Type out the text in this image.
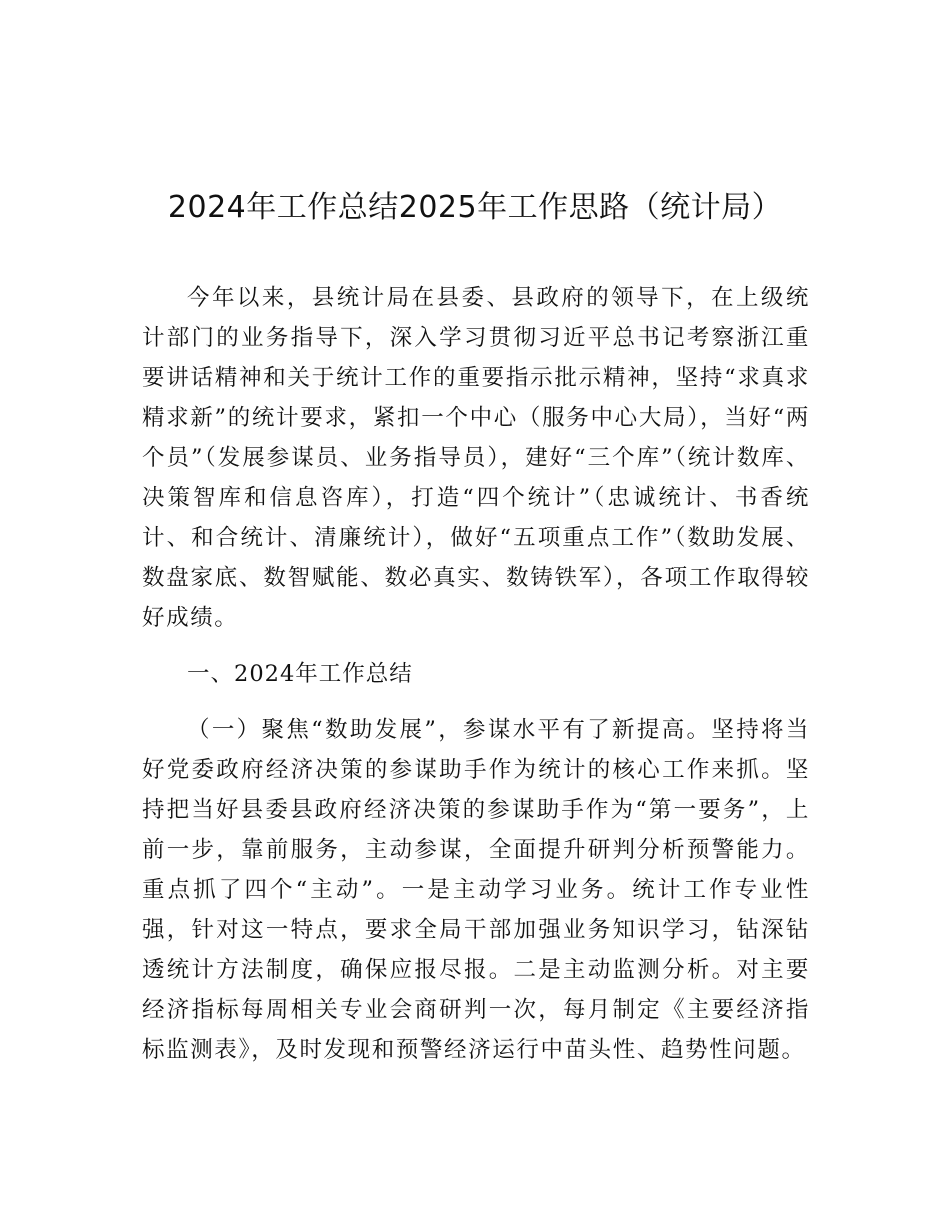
2024年工作总结2025年工作思路（统计局）

今年以来，县统计局在县委、县政府的领导下，在上级统计部门的业务指导下，深入学习贯彻习近平总书记考察浙江重要讲话精神和关于统计工作的重要指示批示精神，坚持“求真求精求新”的统计要求，紧扣一个中心（服务中心大局），当好“两个员”（发展参谋员、业务指导员），建好“三个库”（统计数库、决策智库和信息咨库），打造“四个统计”（忠诚统计、书香统计、和合统计、清廉统计），做好“五项重点工作”（数助发展、数盘家底、数智赋能、数必真实、数铸铁军），各项工作取得较好成绩。

一、2024年工作总结

（一）聚焦“数助发展”，参谋水平有了新提高。坚持将当好党委政府经济决策的参谋助手作为统计的核心工作来抓。坚持把当好县委县政府经济决策的参谋助手作为“第一要务”，上前一步，靠前服务，主动参谋，全面提升研判分析预警能力。重点抓了四个“主动”。一是主动学习业务。统计工作专业性强，针对这一特点，要求全局干部加强业务知识学习，钻深钻透统计方法制度，确保应报尽报。二是主动监测分析。对主要经济指标每周相关专业会商研判一次，每月制定《主要经济指标监测表》，及时发现和预警经济运行中苗头性、趋势性问题。
